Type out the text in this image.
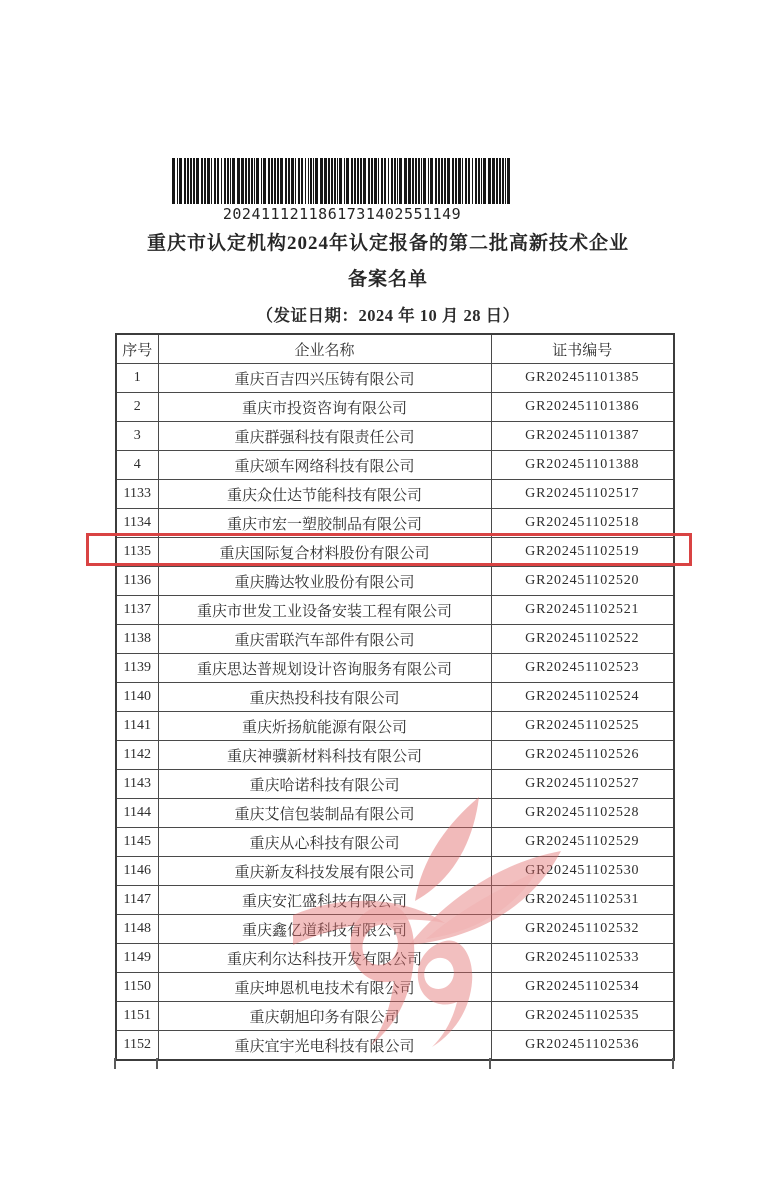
2024111211861731402551149
重庆市认定机构2024年认定报备的第二批高新技术企业
备案名单
（发证日期：2024 年 10 月 28 日）
序号	企业名称	证书编号
1	重庆百吉四兴压铸有限公司	GR202451101385
2	重庆市投资咨询有限公司	GR202451101386
3	重庆群强科技有限责任公司	GR202451101387
4	重庆颂车网络科技有限公司	GR202451101388
1133	重庆众仕达节能科技有限公司	GR202451102517
1134	重庆市宏一塑胶制品有限公司	GR202451102518
1135	重庆国际复合材料股份有限公司	GR202451102519
1136	重庆腾达牧业股份有限公司	GR202451102520
1137	重庆市世发工业设备安装工程有限公司	GR202451102521
1138	重庆雷联汽车部件有限公司	GR202451102522
1139	重庆思达普规划设计咨询服务有限公司	GR202451102523
1140	重庆热投科技有限公司	GR202451102524
1141	重庆炘扬航能源有限公司	GR202451102525
1142	重庆神骥新材料科技有限公司	GR202451102526
1143	重庆哈诺科技有限公司	GR202451102527
1144	重庆艾信包装制品有限公司	GR202451102528
1145	重庆从心科技有限公司	GR202451102529
1146	重庆新友科技发展有限公司	GR202451102530
1147	重庆安汇盛科技有限公司	GR202451102531
1148	重庆鑫亿道科技有限公司	GR202451102532
1149	重庆利尔达科技开发有限公司	GR202451102533
1150	重庆坤恩机电技术有限公司	GR202451102534
1151	重庆朝旭印务有限公司	GR202451102535
1152	重庆宜宇光电科技有限公司	GR202451102536
